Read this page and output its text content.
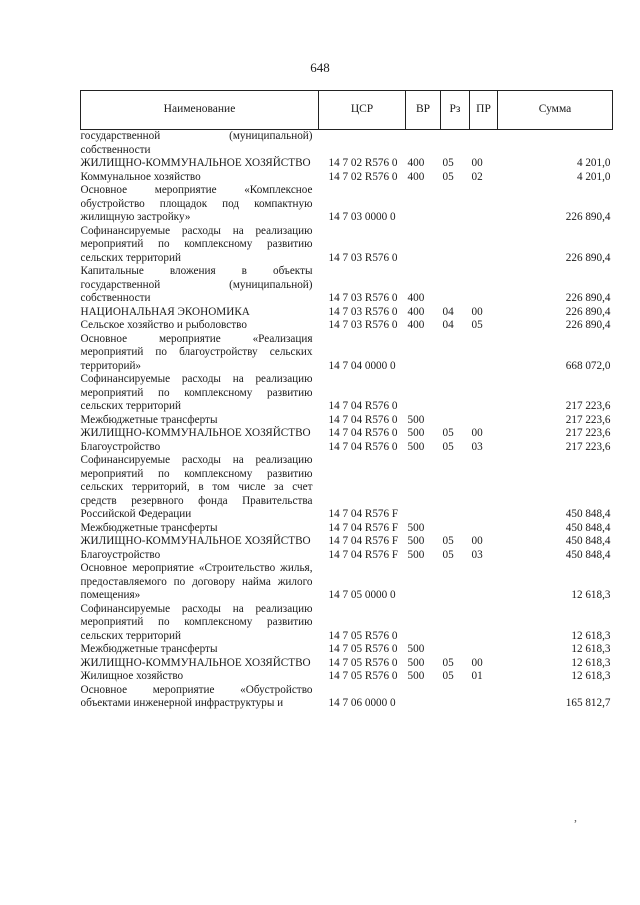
648
Наименование	ЦСР	ВР	Рз	ПР	Сумма
государственной (муниципальной) собственности					
ЖИЛИЩНО-КОММУНАЛЬНОЕ ХОЗЯЙСТВО	14 7 02 R576 0	400	05	00	4 201,0
Коммунальное хозяйство	14 7 02 R576 0	400	05	02	4 201,0
Основное мероприятие «Комплексное обустройство площадок под компактную жилищную застройку»	14 7 03 0000 0				226 890,4
Софинансируемые расходы на реализацию мероприятий по комплексному развитию сельских территорий	14 7 03 R576 0				226 890,4
Капитальные вложения в объекты государственной (муниципальной) собственности	14 7 03 R576 0	400			226 890,4
НАЦИОНАЛЬНАЯ ЭКОНОМИКА	14 7 03 R576 0	400	04	00	226 890,4
Сельское хозяйство и рыболовство	14 7 03 R576 0	400	04	05	226 890,4
Основное мероприятие «Реализация мероприятий по благоустройству сельских территорий»	14 7 04 0000 0				668 072,0
Софинансируемые расходы на реализацию мероприятий по комплексному развитию сельских территорий	14 7 04 R576 0				217 223,6
Межбюджетные трансферты	14 7 04 R576 0	500			217 223,6
ЖИЛИЩНО-КОММУНАЛЬНОЕ ХОЗЯЙСТВО	14 7 04 R576 0	500	05	00	217 223,6
Благоустройство	14 7 04 R576 0	500	05	03	217 223,6
Софинансируемые расходы на реализацию мероприятий по комплексному развитию сельских территорий, в том числе за счет средств резервного фонда Правительства Российской Федерации	14 7 04 R576 F				450 848,4
Межбюджетные трансферты	14 7 04 R576 F	500			450 848,4
ЖИЛИЩНО-КОММУНАЛЬНОЕ ХОЗЯЙСТВО	14 7 04 R576 F	500	05	00	450 848,4
Благоустройство	14 7 04 R576 F	500	05	03	450 848,4
Основное мероприятие «Строительство жилья, предоставляемого по договору найма жилого помещения»	14 7 05 0000 0				12 618,3
Софинансируемые расходы на реализацию мероприятий по комплексному развитию сельских территорий	14 7 05 R576 0				12 618,3
Межбюджетные трансферты	14 7 05 R576 0	500			12 618,3
ЖИЛИЩНО-КОММУНАЛЬНОЕ ХОЗЯЙСТВО	14 7 05 R576 0	500	05	00	12 618,3
Жилищное хозяйство	14 7 05 R576 0	500	05	01	12 618,3
Основное мероприятие «Обустройство объектами инженерной инфраструктуры и	14 7 06 0000 0				165 812,7
,
